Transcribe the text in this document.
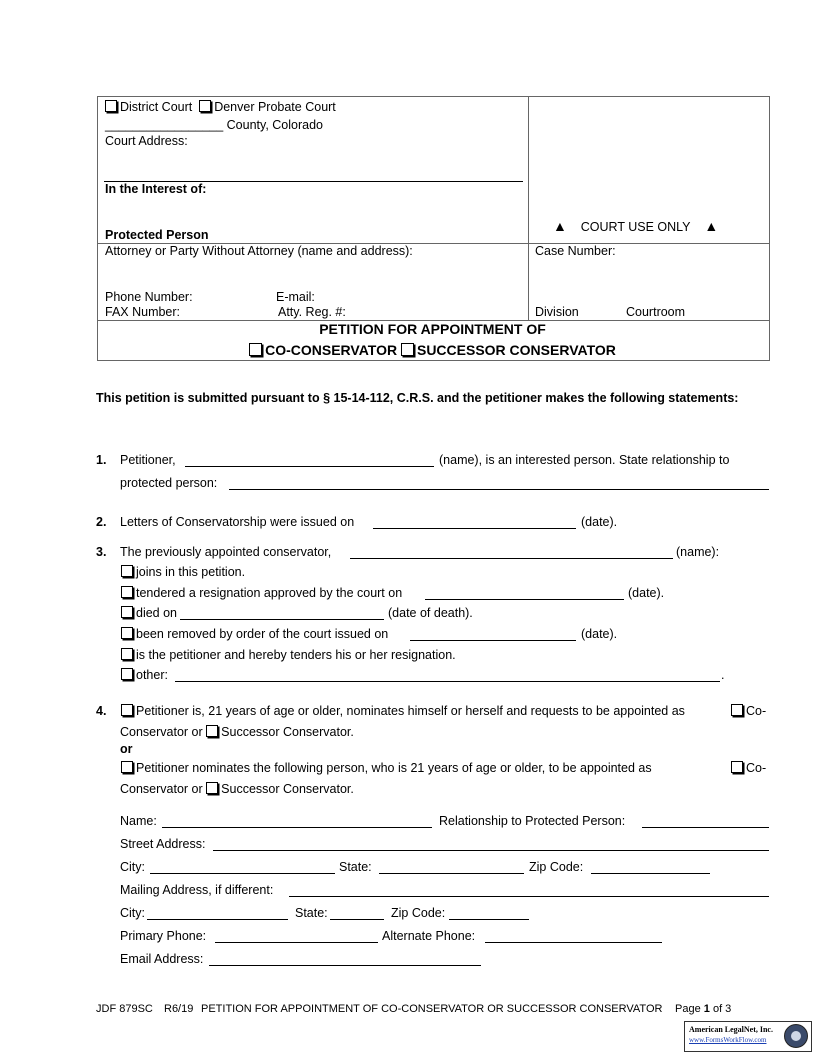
District Court Denver Probate Court
_________________ County, Colorado
Court Address:
In the Interest of:
Protected Person
▲ COURT USE ONLY ▲
Attorney or Party Without Attorney (name and address):
Phone Number:	E-mail:
FAX Number:	Atty. Reg. #:
Case Number:
Division	Courtroom
PETITION FOR APPOINTMENT OF
CO-CONSERVATOR SUCCESSOR CONSERVATOR
This petition is submitted pursuant to § 15-14-112, C.R.S. and the petitioner makes the following statements:
1. Petitioner,	(name), is an interested person. State relationship to
protected person:
2. Letters of Conservatorship were issued on	(date).
3. The previously appointed conservator,	(name):
joins in this petition.
tendered a resignation approved by the court on	(date).
died on	(date of death).
been removed by order of the court issued on	(date).
is the petitioner and hereby tenders his or her resignation.
other:	.
4.	Petitioner is, 21 years of age or older, nominates himself or herself and requests to be appointed as	Co-
Conservator or Successor Conservator.
or
Petitioner nominates the following person, who is 21 years of age or older, to be appointed as	Co-
Conservator or Successor Conservator.
Name:	Relationship to Protected Person:
Street Address:
City:	State:	Zip Code:
Mailing Address, if different:
City:	State:	Zip Code:
Primary Phone:	Alternate Phone:
Email Address:
JDF 879SC R6/19 PETITION FOR APPOINTMENT OF CO-CONSERVATOR OR SUCCESSOR CONSERVATOR Page 1 of 3
American LegalNet, Inc.
www.FormsWorkFlow.com
